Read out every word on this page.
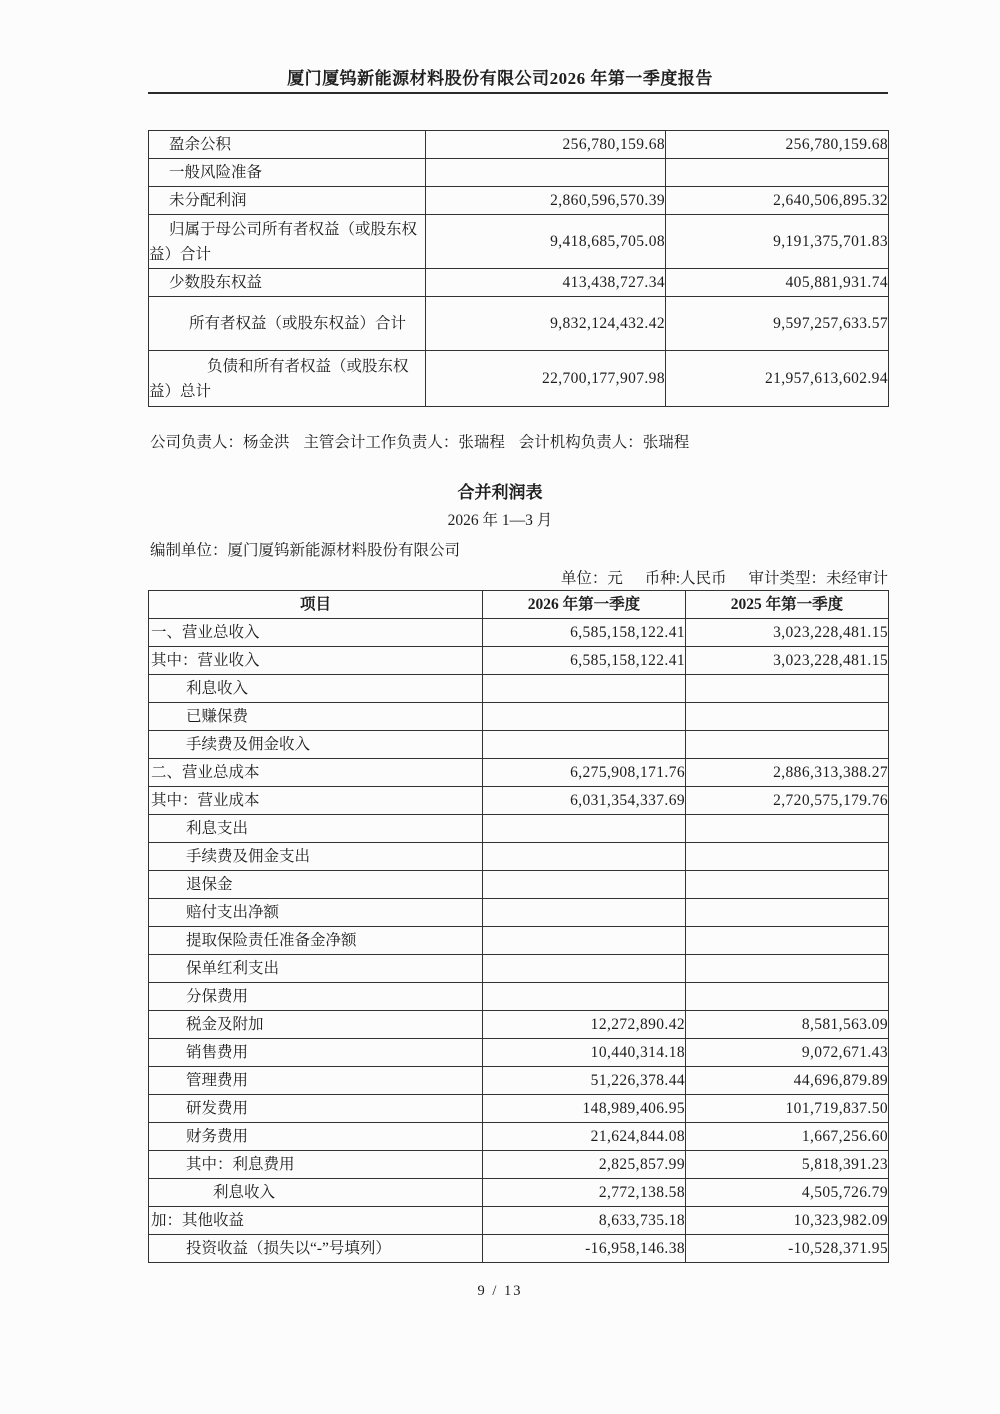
厦门厦钨新能源材料股份有限公司2026 年第一季度报告
盈余公积	256,780,159.68	256,780,159.68
一般风险准备		
未分配利润	2,860,596,570.39	2,640,506,895.32
归属于母公司所有者权益（或股东权益）合计	9,418,685,705.08	9,191,375,701.83
少数股东权益	413,438,727.34	405,881,931.74
所有者权益（或股东权益）合计	9,832,124,432.42	9,597,257,633.57
负债和所有者权益（或股东权益）总计	22,700,177,907.98	21,957,613,602.94
公司负责人：杨金洪 主管会计工作负责人：张瑞程 会计机构负责人：张瑞程
合并利润表
2026 年 1—3 月
编制单位：厦门厦钨新能源材料股份有限公司
单位：元 币种:人民币 审计类型：未经审计
项目	2026 年第一季度	2025 年第一季度
一、营业总收入	6,585,158,122.41	3,023,228,481.15
其中：营业收入	6,585,158,122.41	3,023,228,481.15
利息收入		
已赚保费		
手续费及佣金收入		
二、营业总成本	6,275,908,171.76	2,886,313,388.27
其中：营业成本	6,031,354,337.69	2,720,575,179.76
利息支出		
手续费及佣金支出		
退保金		
赔付支出净额		
提取保险责任准备金净额		
保单红利支出		
分保费用		
税金及附加	12,272,890.42	8,581,563.09
销售费用	10,440,314.18	9,072,671.43
管理费用	51,226,378.44	44,696,879.89
研发费用	148,989,406.95	101,719,837.50
财务费用	21,624,844.08	1,667,256.60
其中：利息费用	2,825,857.99	5,818,391.23
利息收入	2,772,138.58	4,505,726.79
加：其他收益	8,633,735.18	10,323,982.09
投资收益（损失以“-”号填列）	-16,958,146.38	-10,528,371.95
9 / 13
